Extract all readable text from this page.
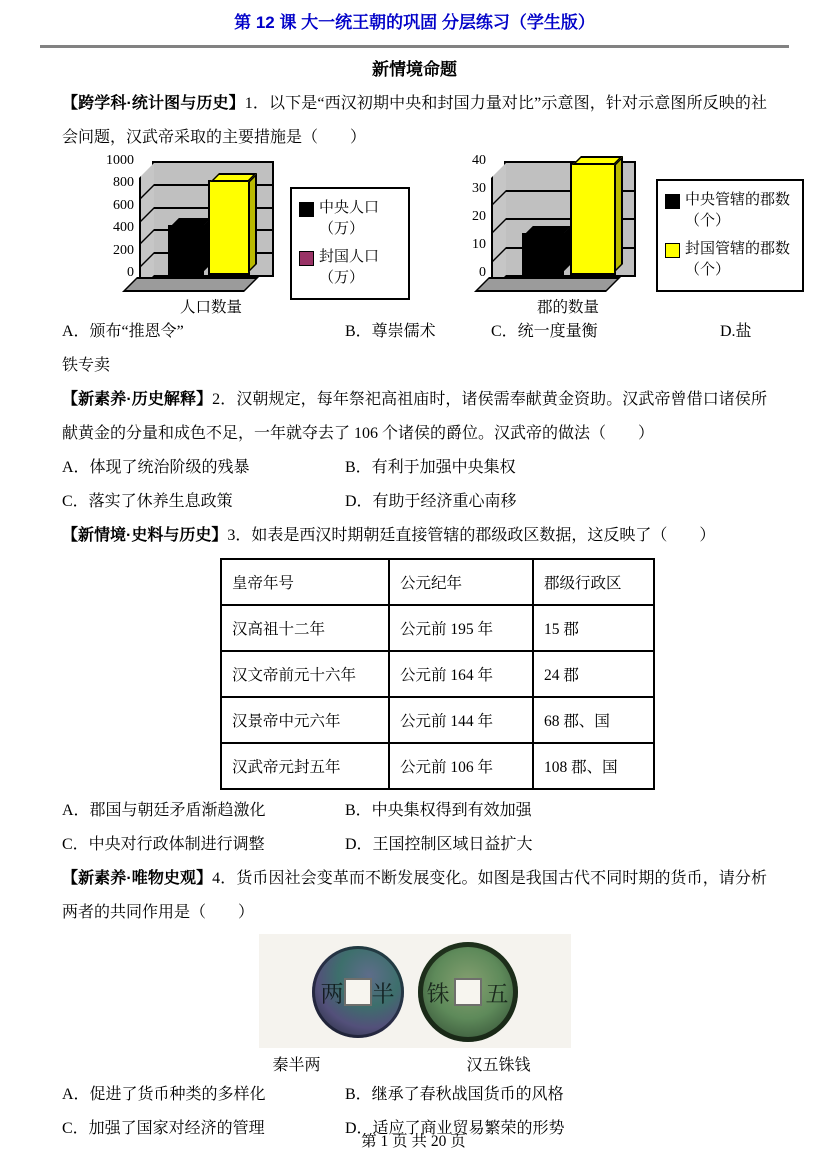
第 12 课 大一统王朝的巩固 分层练习（学生版）
新情境命题

【跨学科·统计图与历史】1．以下是“西汉初期中央和封国力量对比”示意图，针对示意图所反映的社会问题，汉武帝采取的主要措施是（　　）

1000
800
600
400
200
0
人口数量
中央人口（万）
封国人口（万）
40
30
20
10
0
郡的数量
中央管辖的郡数（个）
封国管辖的郡数（个）
A．颁布“推恩令”	B．尊崇儒术	C．统一度量衡	D.盐

铁专卖

【新素养·历史解释】2．汉朝规定，每年祭祀高祖庙时，诸侯需奉献黄金资助。汉武帝曾借口诸侯所献黄金的分量和成色不足，一年就夺去了 106 个诸侯的爵位。汉武帝的做法（　　）

A．体现了统治阶级的残暴	B．有利于加强中央集权
C．落实了休养生息政策	D．有助于经济重心南移

【新情境·史料与历史】3．如表是西汉时期朝廷直接管辖的郡级政区数据，这反映了（　　）

皇帝年号	公元纪年	郡级行政区
汉高祖十二年	公元前 195 年	15 郡
汉文帝前元十六年	公元前 164 年	24 郡
汉景帝中元六年	公元前 144 年	68 郡、国
汉武帝元封五年	公元前 106 年	108 郡、国
A．郡国与朝廷矛盾渐趋激化	B．中央集权得到有效加强
C．中央对行政体制进行调整	D．王国控制区域日益扩大

【新素养·唯物史观】4．货币因社会变革而不断发展变化。如图是我国古代不同时期的货币，请分析两者的共同作用是（　　）

两 半 铢 五
秦半两	汉五铢钱
A．促进了货币种类的多样化	B．继承了春秋战国货币的风格
C．加强了国家对经济的管理	D．适应了商业贸易繁荣的形势
第 1 页 共 20 页
